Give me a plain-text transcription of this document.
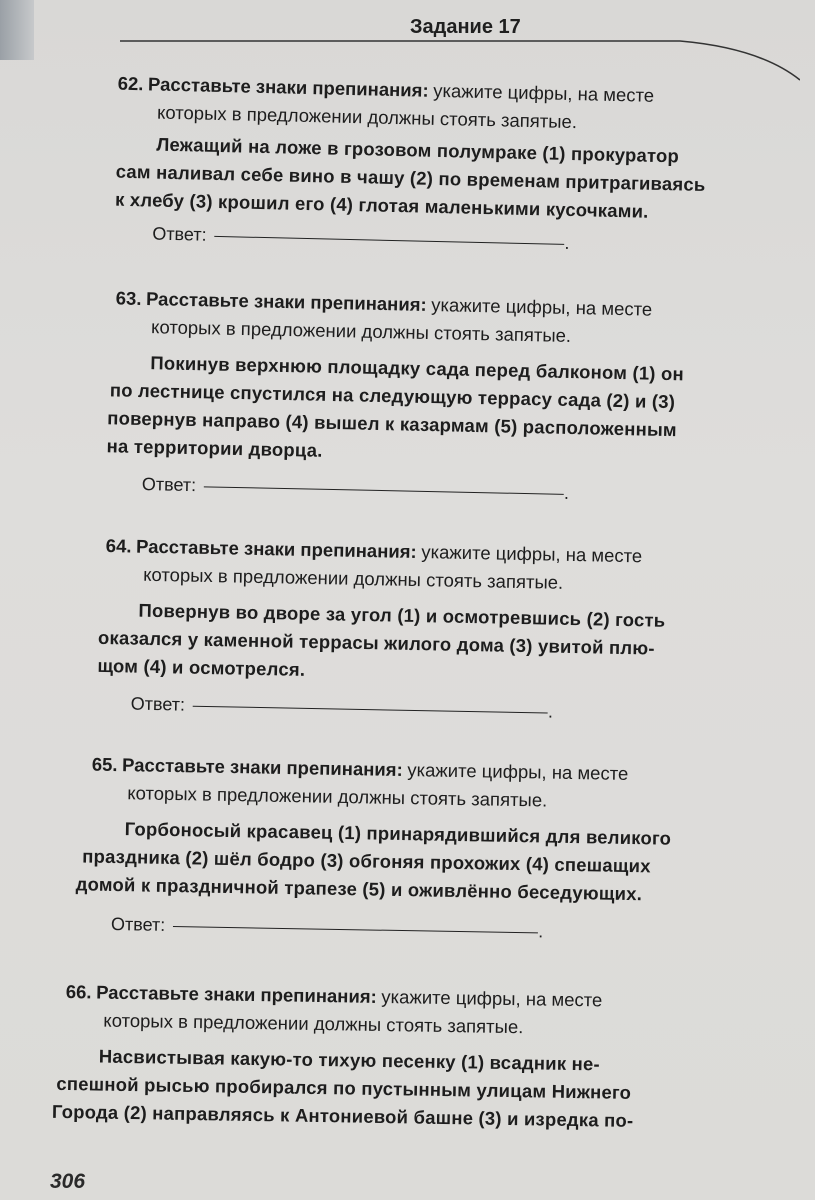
Задание 17
62. Расставьте знаки препинания: укажите цифры, на месте
которых в предложении должны стоять запятые.
Лежащий на ложе в грозовом полумраке (1) прокуратор
сам наливал себе вино в чашу (2) по временам притрагиваясь
к хлебу (3) крошил его (4) глотая маленькими кусочками.
Ответ:	.
63. Расставьте знаки препинания: укажите цифры, на месте
которых в предложении должны стоять запятые.
Покинув верхнюю площадку сада перед балконом (1) он
по лестнице спустился на следующую террасу сада (2) и (3)
повернув направо (4) вышел к казармам (5) расположенным
на территории дворца.
Ответ:	.
64. Расставьте знаки препинания: укажите цифры, на месте
которых в предложении должны стоять запятые.
Повернув во дворе за угол (1) и осмотревшись (2) гость
оказался у каменной террасы жилого дома (3) увитой плю-
щом (4) и осмотрелся.
Ответ:	.
65. Расставьте знаки препинания: укажите цифры, на месте
которых в предложении должны стоять запятые.
Горбоносый красавец (1) принарядившийся для великого
праздника (2) шёл бодро (3) обгоняя прохожих (4) спешащих
домой к праздничной трапезе (5) и оживлённо беседующих.
Ответ:	.
66. Расставьте знаки препинания: укажите цифры, на месте
которых в предложении должны стоять запятые.
Насвистывая какую-то тихую песенку (1) всадник не-
спешной рысью пробирался по пустынным улицам Нижнего
Города (2) направляясь к Антониевой башне (3) и изредка по-
306
